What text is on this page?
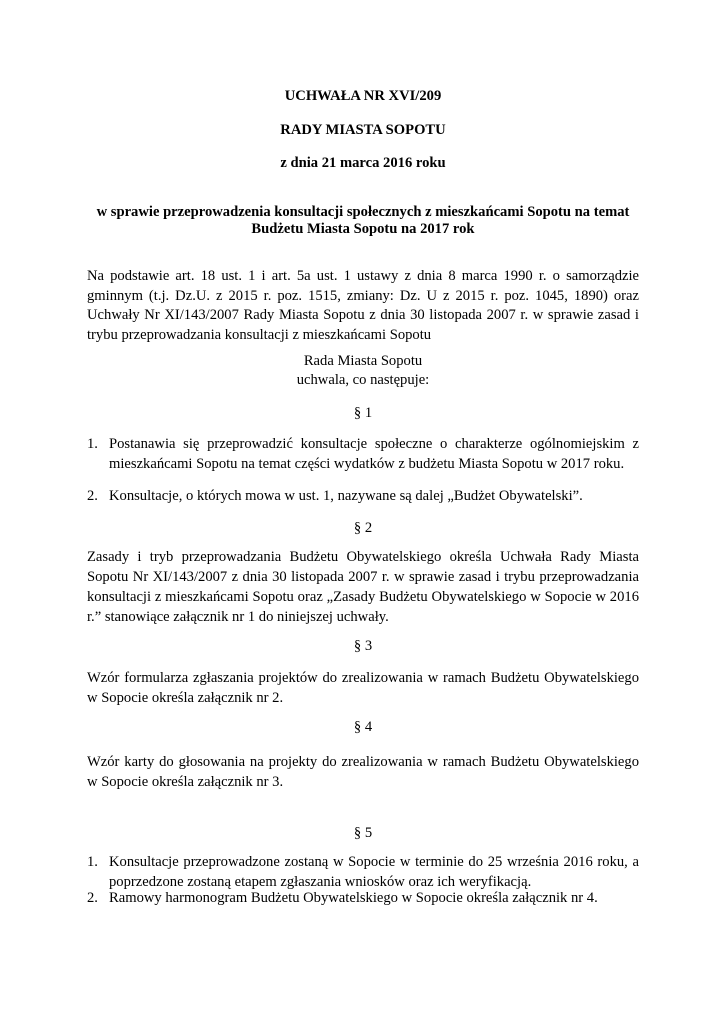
UCHWAŁA NR XVI/209
RADY MIASTA SOPOTU
z dnia 21 marca 2016 roku
w sprawie przeprowadzenia konsultacji społecznych z mieszkańcami Sopotu na temat
Budżetu Miasta Sopotu na 2017 rok
Na podstawie art. 18 ust. 1 i art. 5a ust. 1 ustawy z dnia 8 marca 1990 r. o samorządzie
gminnym (t.j. Dz.U. z 2015 r. poz. 1515, zmiany: Dz. U z 2015 r. poz. 1045, 1890) oraz
Uchwały Nr XI/143/2007 Rady Miasta Sopotu z dnia 30 listopada 2007 r. w sprawie zasad i
trybu przeprowadzania konsultacji z mieszkańcami Sopotu
Rada Miasta Sopotu
uchwala, co następuje:
§ 1
1. Postanawia się przeprowadzić konsultacje społeczne o charakterze ogólnomiejskim z mieszkańcami Sopotu na temat części wydatków z budżetu Miasta Sopotu w 2017 roku.
2. Konsultacje, o których mowa w ust. 1, nazywane są dalej „Budżet Obywatelski”.
§ 2
Zasady i tryb przeprowadzania Budżetu Obywatelskiego określa Uchwała Rady Miasta Sopotu Nr XI/143/2007 z dnia 30 listopada 2007 r. w sprawie zasad i trybu przeprowadzania konsultacji z mieszkańcami Sopotu oraz „Zasady Budżetu Obywatelskiego w Sopocie w 2016 r.” stanowiące załącznik nr 1 do niniejszej uchwały.
§ 3
Wzór formularza zgłaszania projektów do zrealizowania w ramach Budżetu Obywatelskiego w Sopocie określa załącznik nr 2.
§ 4
Wzór karty do głosowania na projekty do zrealizowania w ramach Budżetu Obywatelskiego w Sopocie określa załącznik nr 3.
§ 5
1. Konsultacje przeprowadzone zostaną w Sopocie w terminie do 25 września 2016 roku, a poprzedzone zostaną etapem zgłaszania wniosków oraz ich weryfikacją.
2. Ramowy harmonogram Budżetu Obywatelskiego w Sopocie określa załącznik nr 4.
